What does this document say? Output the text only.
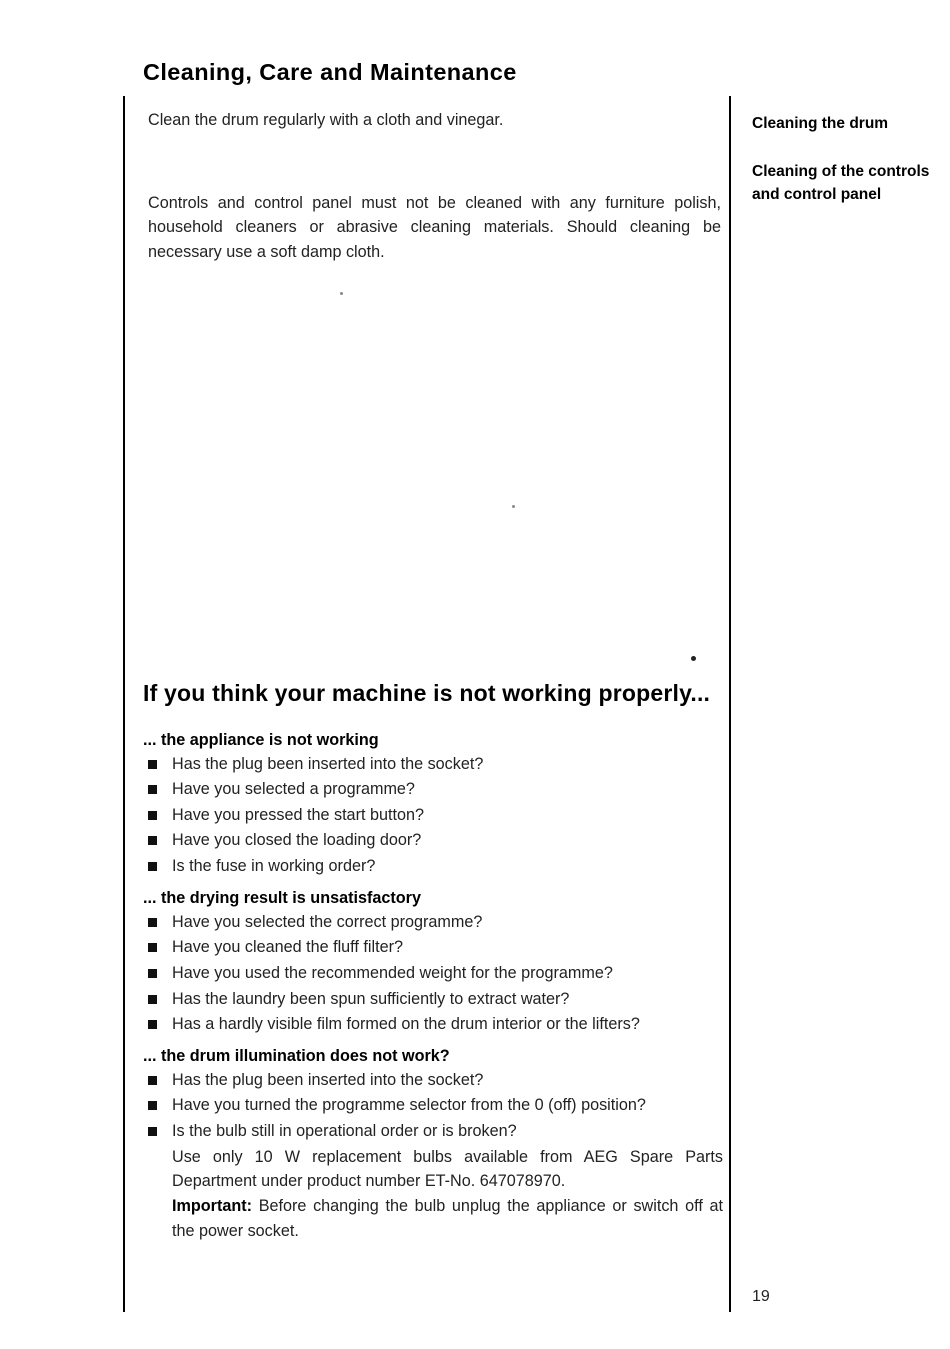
Cleaning, Care and Maintenance

Clean the drum regularly with a cloth and vinegar.

Controls and control panel must not be cleaned with any furniture polish, household cleaners or abrasive cleaning materials. Should cleaning be necessary use a soft damp cloth.

Cleaning the drum
Cleaning of the controls and control panel
If you think your machine is not working properly...
... the appliance is not working
Has the plug been inserted into the socket?
Have you selected a programme?
Have you pressed the start button?
Have you closed the loading door?
Is the fuse in working order?
... the drying result is unsatisfactory
Have you selected the correct programme?
Have you cleaned the fluff filter?
Have you used the recommended weight for the programme?
Has the laundry been spun sufficiently to extract water?
Has a hardly visible film formed on the drum interior or the lifters?
... the drum illumination does not work?
Has the plug been inserted into the socket?
Have you turned the programme selector from the 0 (off) position?
Is the bulb still in operational order or is broken?
Use only 10 W replacement bulbs available from AEG Spare Parts Department under product number ET-No. 647078970.
Important: Before changing the bulb unplug the appliance or switch off at the power socket.
19
